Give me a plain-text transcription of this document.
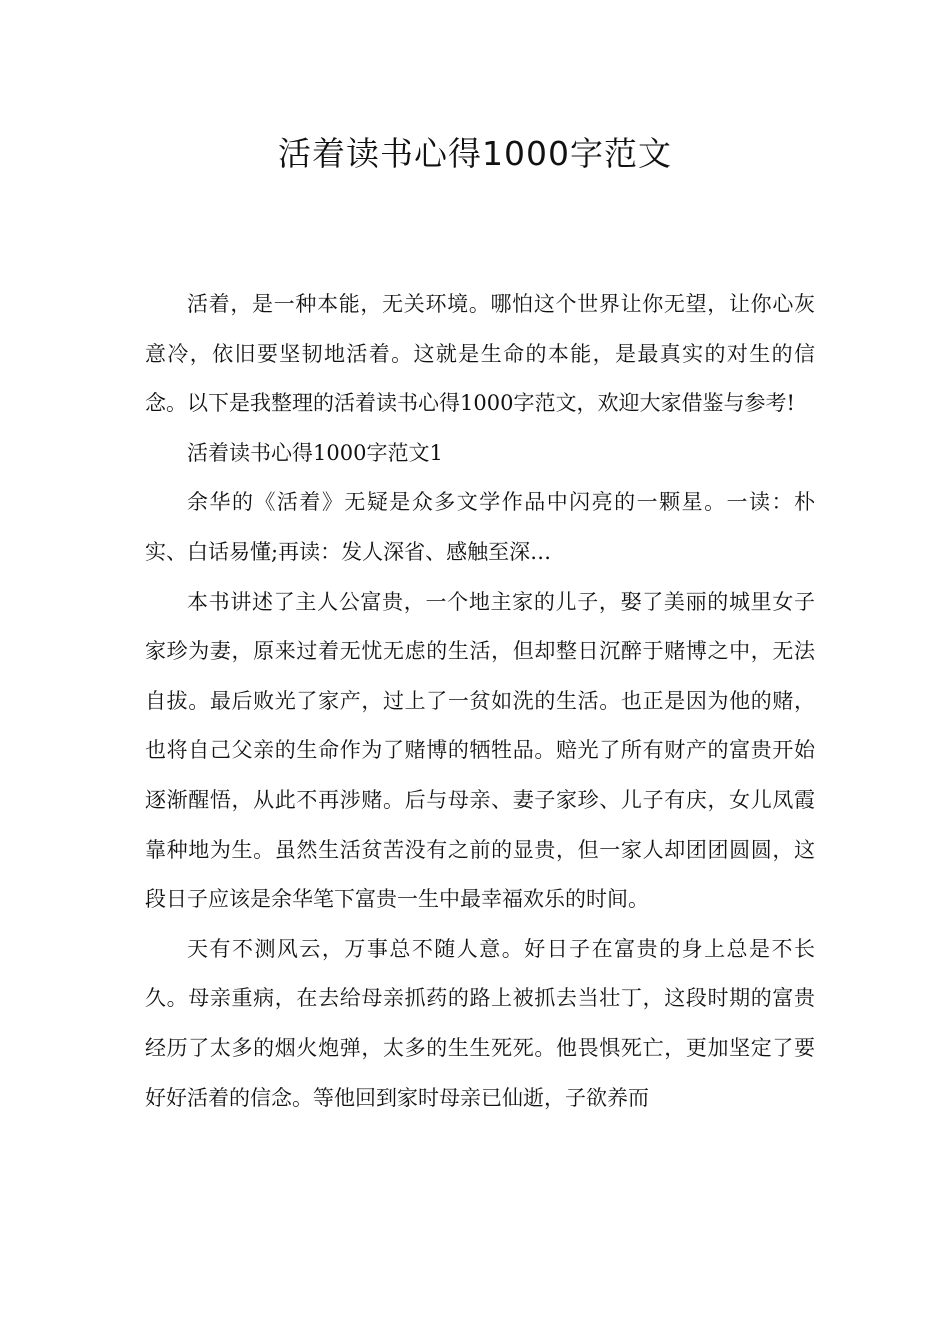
活着读书心得1000字范文

活着，是一种本能，无关环境。哪怕这个世界让你无望，让你心灰意冷，依旧要坚韧地活着。这就是生命的本能，是最真实的对生的信念。以下是我整理的活着读书心得1000字范文，欢迎大家借鉴与参考!

活着读书心得1000字范文1

余华的《活着》无疑是众多文学作品中闪亮的一颗星。一读：朴实、白话易懂;再读：发人深省、感触至深…

本书讲述了主人公富贵，一个地主家的儿子，娶了美丽的城里女子家珍为妻，原来过着无忧无虑的生活，但却整日沉醉于赌博之中，无法自拔。最后败光了家产，过上了一贫如洗的生活。也正是因为他的赌，也将自己父亲的生命作为了赌博的牺牲品。赔光了所有财产的富贵开始逐渐醒悟，从此不再涉赌。后与母亲、妻子家珍、儿子有庆，女儿凤霞靠种地为生。虽然生活贫苦没有之前的显贵，但一家人却团团圆圆，这段日子应该是余华笔下富贵一生中最幸福欢乐的时间。

天有不测风云，万事总不随人意。好日子在富贵的身上总是不长久。母亲重病，在去给母亲抓药的路上被抓去当壮丁，这段时期的富贵经历了太多的烟火炮弹，太多的生生死死。他畏惧死亡，更加坚定了要好好活着的信念。等他回到家时母亲已仙逝，子欲养而
